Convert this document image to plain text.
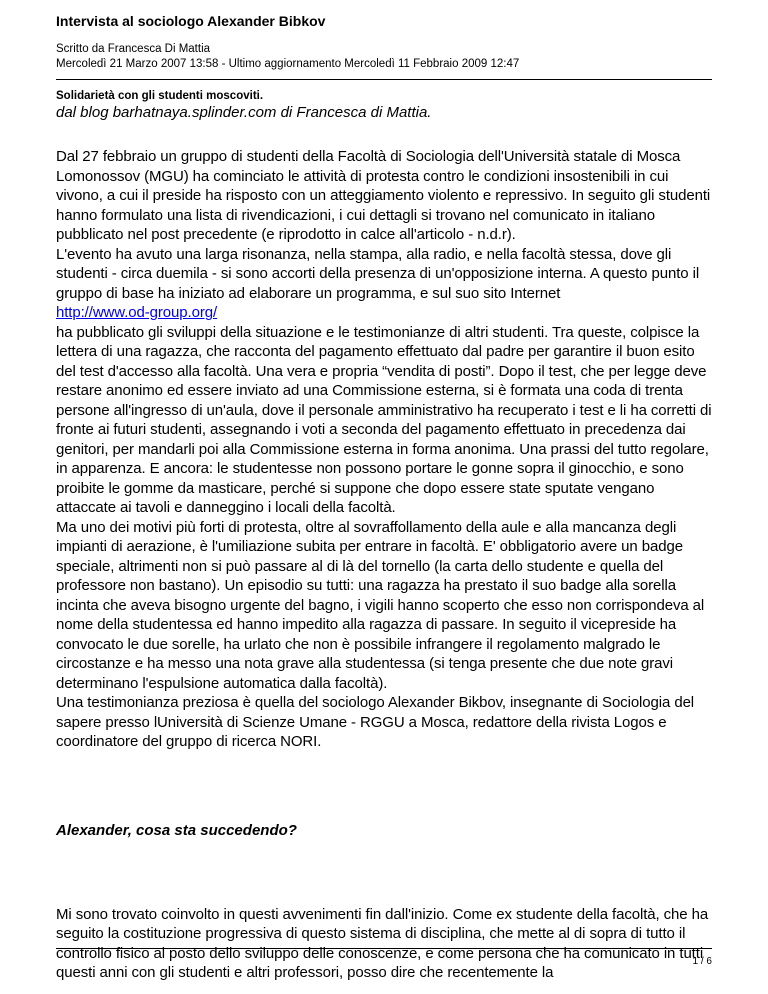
Intervista al sociologo Alexander Bibkov
Scritto da Francesca Di Mattia
Mercoledì 21 Marzo 2007 13:58 - Ultimo aggiornamento Mercoledì 11 Febbraio 2009 12:47
Solidarietà con gli studenti moscoviti.
dal blog barhatnaya.splinder.com di Francesca di Mattia.
Dal 27 febbraio un gruppo di studenti della Facoltà di Sociologia dell'Università statale di Mosca Lomonossov (MGU) ha cominciato le attività di protesta contro le condizioni insostenibili in cui vivono, a cui il preside ha risposto con un atteggiamento violento e repressivo. In seguito gli studenti hanno formulato una lista di rivendicazioni, i cui dettagli si trovano nel comunicato in italiano pubblicato nel post precedente (e riprodotto in calce all'articolo - n.d.r).
L'evento ha avuto una larga risonanza, nella stampa, alla radio, e nella facoltà stessa, dove gli studenti - circa duemila - si sono accorti della presenza di un'opposizione interna. A questo punto il gruppo di base ha iniziato ad elaborare un programma, e sul suo sito Internet
http://www.od-group.org/
ha pubblicato gli sviluppi della situazione e le testimonianze di altri studenti. Tra queste, colpisce la lettera di una ragazza, che racconta del pagamento effettuato dal padre per garantire il buon esito del test d'accesso alla facoltà. Una vera e propria “vendita di posti”. Dopo il test, che per legge deve restare anonimo ed essere inviato ad una Commissione esterna, si è formata una coda di trenta persone all'ingresso di un'aula, dove il personale amministrativo ha recuperato i test e li ha corretti di fronte ai futuri studenti, assegnando i voti a seconda del pagamento effettuato in precedenza dai genitori, per mandarli poi alla Commissione esterna in forma anonima. Una prassi del tutto regolare, in apparenza. E ancora: le studentesse non possono portare le gonne sopra il ginocchio, e sono proibite le gomme da masticare, perché si suppone che dopo essere state sputate vengano attaccate ai tavoli e danneggino i locali della facoltà.
Ma uno dei motivi più forti di protesta, oltre al sovraffollamento della aule e alla mancanza degli impianti di aerazione, è l'umiliazione subita per entrare in facoltà. E' obbligatorio avere un badge speciale, altrimenti non si può passare al di là del tornello (la carta dello studente e quella del professore non bastano). Un episodio su tutti: una ragazza ha prestato il suo badge alla sorella incinta che aveva bisogno urgente del bagno, i vigili hanno scoperto che esso non corrispondeva al nome della studentessa ed hanno impedito alla ragazza di passare. In seguito il vicepreside ha convocato le due sorelle, ha urlato che non è possibile infrangere il regolamento malgrado le circostanze e ha messo una nota grave alla studentessa (si tenga presente che due note gravi determinano l'espulsione automatica dalla facoltà).
Una testimonianza preziosa è quella del sociologo Alexander Bikbov, insegnante di Sociologia del sapere presso lUniversità di Scienze Umane - RGGU a Mosca, redattore della rivista Logos e coordinatore del gruppo di ricerca NORI.
Alexander, cosa sta succedendo?
Mi sono trovato coinvolto in questi avvenimenti fin dall'inizio. Come ex studente della facoltà, che ha seguito la costituzione progressiva di questo sistema di disciplina, che mette al di sopra di tutto il controllo fisico al posto dello sviluppo delle conoscenze, e come persona che ha comunicato in tutti questi anni con gli studenti e altri professori, posso dire che recentemente la
1 / 6
